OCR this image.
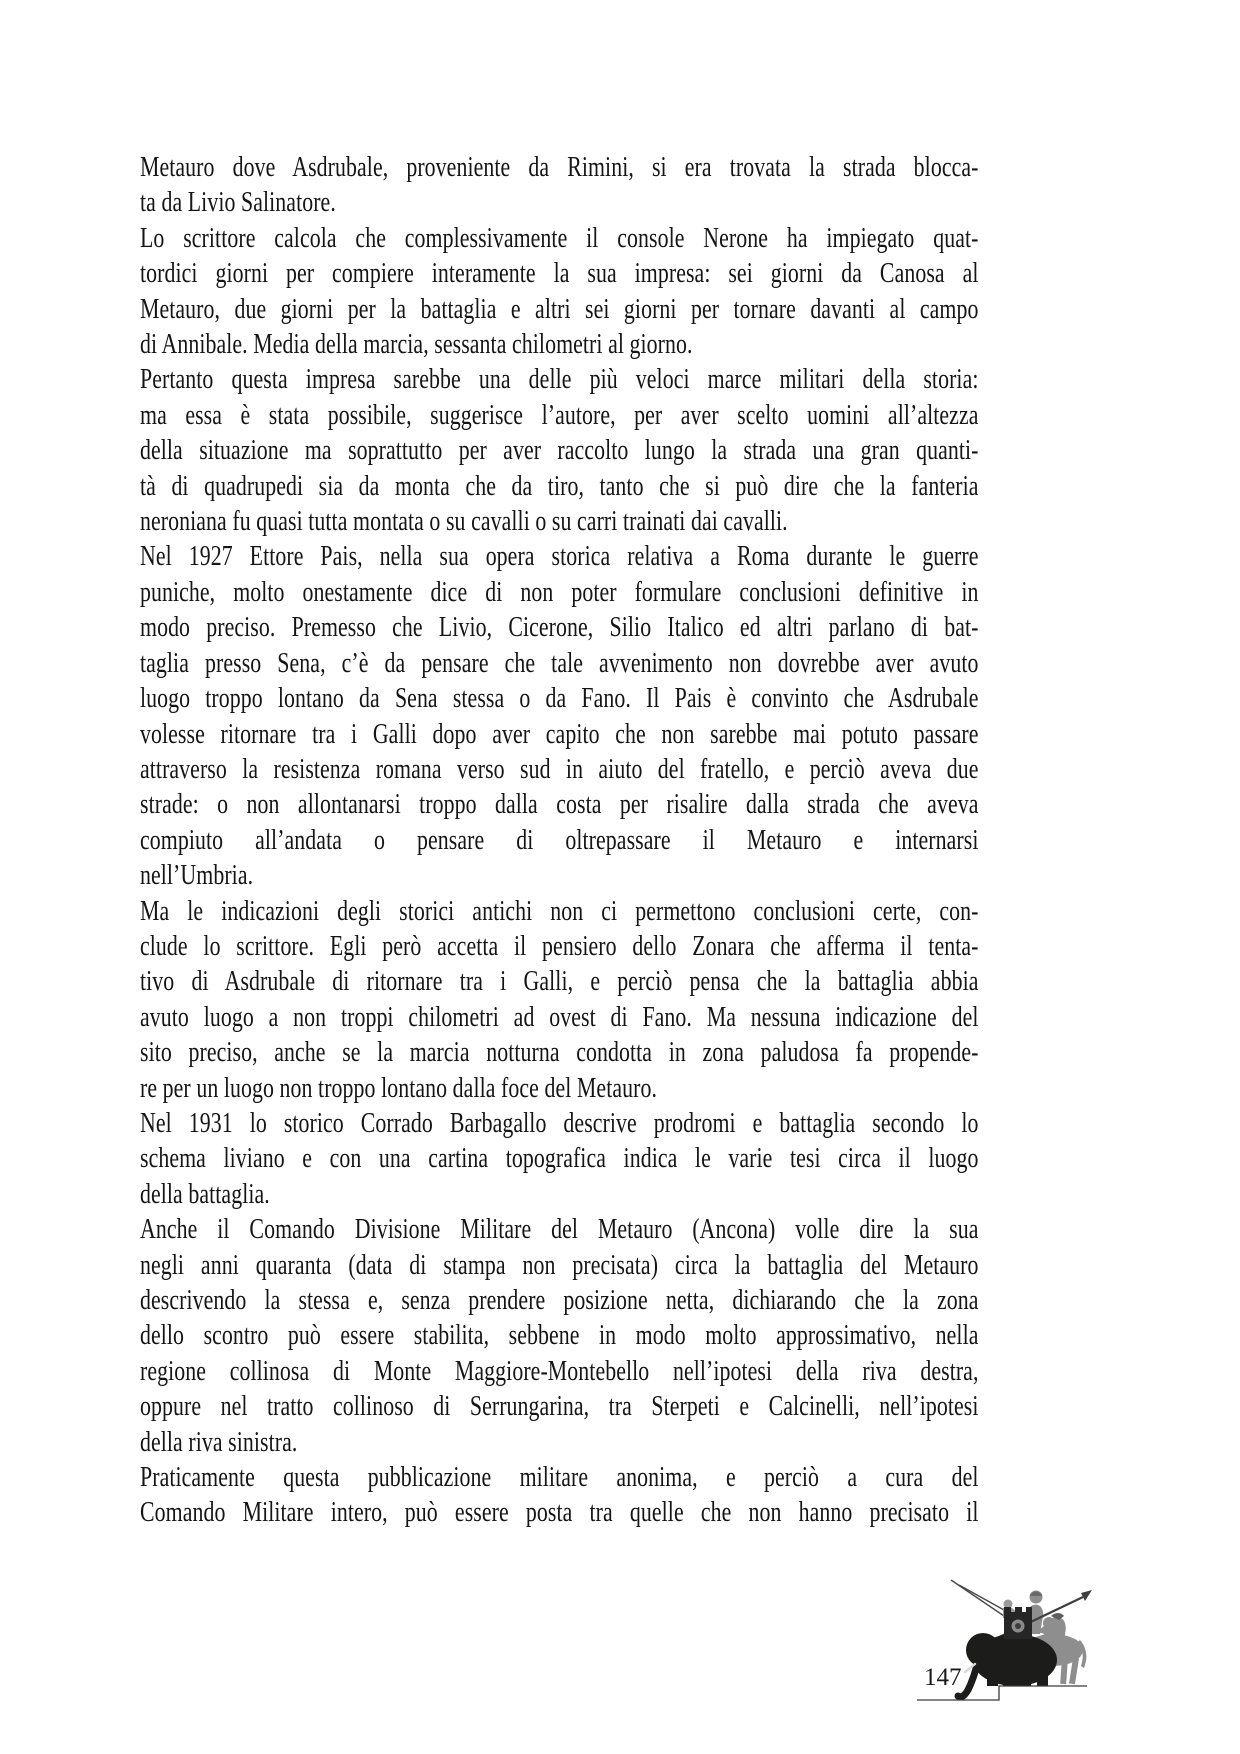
Metauro dove Asdrubale, proveniente da Rimini, si era trovata la strada blocca-
ta da Livio Salinatore.
Lo scrittore calcola che complessivamente il console Nerone ha impiegato quat-
tordici giorni per compiere interamente la sua impresa: sei giorni da Canosa al
Metauro, due giorni per la battaglia e altri sei giorni per tornare davanti al campo
di Annibale. Media della marcia, sessanta chilometri al giorno.
Pertanto questa impresa sarebbe una delle più veloci marce militari della storia:
ma essa è stata possibile, suggerisce l’autore, per aver scelto uomini all’altezza
della situazione ma soprattutto per aver raccolto lungo la strada una gran quanti-
tà di quadrupedi sia da monta che da tiro, tanto che si può dire che la fanteria
neroniana fu quasi tutta montata o su cavalli o su carri trainati dai cavalli.
Nel 1927 Ettore Pais, nella sua opera storica relativa a Roma durante le guerre
puniche, molto onestamente dice di non poter formulare conclusioni definitive in
modo preciso. Premesso che Livio, Cicerone, Silio Italico ed altri parlano di bat-
taglia presso Sena, c’è da pensare che tale avvenimento non dovrebbe aver avuto
luogo troppo lontano da Sena stessa o da Fano. Il Pais è convinto che Asdrubale
volesse ritornare tra i Galli dopo aver capito che non sarebbe mai potuto passare
attraverso la resistenza romana verso sud in aiuto del fratello, e perciò aveva due
strade: o non allontanarsi troppo dalla costa per risalire dalla strada che aveva
compiuto all’andata o pensare di oltrepassare il Metauro e internarsi
nell’Umbria.
Ma le indicazioni degli storici antichi non ci permettono conclusioni certe, con-
clude lo scrittore. Egli però accetta il pensiero dello Zonara che afferma il tenta-
tivo di Asdrubale di ritornare tra i Galli, e perciò pensa che la battaglia abbia
avuto luogo a non troppi chilometri ad ovest di Fano. Ma nessuna indicazione del
sito preciso, anche se la marcia notturna condotta in zona paludosa fa propende-
re per un luogo non troppo lontano dalla foce del Metauro.
Nel 1931 lo storico Corrado Barbagallo descrive prodromi e battaglia secondo lo
schema liviano e con una cartina topografica indica le varie tesi circa il luogo
della battaglia.
Anche il Comando Divisione Militare del Metauro (Ancona) volle dire la sua
negli anni quaranta (data di stampa non precisata) circa la battaglia del Metauro
descrivendo la stessa e, senza prendere posizione netta, dichiarando che la zona
dello scontro può essere stabilita, sebbene in modo molto approssimativo, nella
regione collinosa di Monte Maggiore-Montebello nell’ipotesi della riva destra,
oppure nel tratto collinoso di Serrungarina, tra Sterpeti e Calcinelli, nell’ipotesi
della riva sinistra.
Praticamente questa pubblicazione militare anonima, e perciò a cura del
Comando Militare intero, può essere posta tra quelle che non hanno precisato il
147
